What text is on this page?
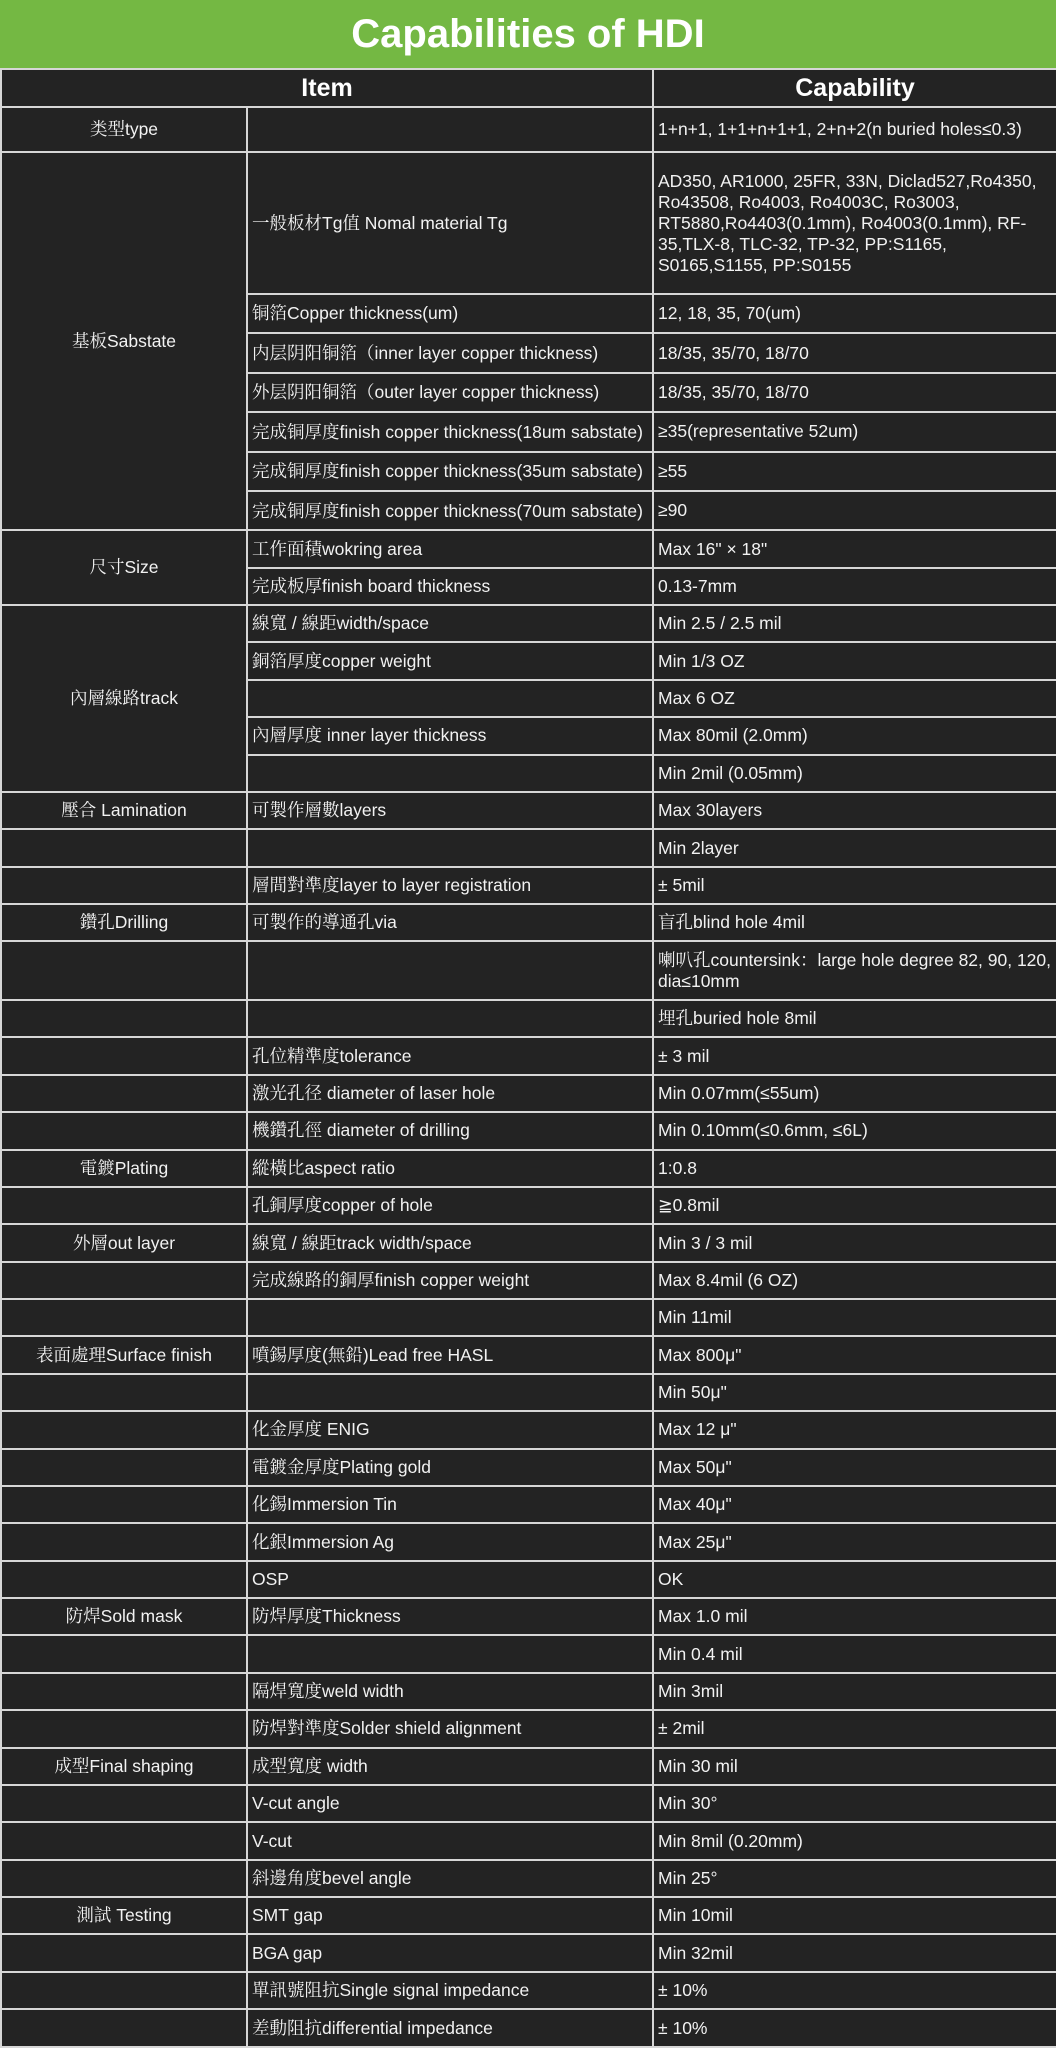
Capabilities of HDI
Item		Capability
类型type		1+n+1, 1+1+n+1+1, 2+n+2(n buried holes≤0.3)
基板Sabstate	一般板材Tg值 Nomal material Tg	AD350, AR1000, 25FR, 33N, Diclad527,Ro4350, Ro43508, Ro4003, Ro4003C, Ro3003, RT5880,Ro4403(0.1mm), Ro4003(0.1mm), RF-35,TLX-8, TLC-32, TP-32, PP:S1165, S0165,S1155, PP:S0155
	铜箔Copper thickness(um)	12, 18, 35, 70(um)
	内层阴阳铜箔（inner layer copper thickness)	18/35, 35/70, 18/70
	外层阴阳铜箔（outer layer copper thickness)	18/35, 35/70, 18/70
	完成铜厚度finish copper thickness(18um sabstate)	≥35(representative 52um)
	完成铜厚度finish copper thickness(35um sabstate)	≥55
	完成铜厚度finish copper thickness(70um sabstate)	≥90
尺寸Size	工作面積wokring area	Max 16" × 18"
	完成板厚finish board thickness	0.13-7mm
內層線路track	線寬 / 線距width/space	Min 2.5 / 2.5 mil
	銅箔厚度copper weight	Min 1/3 OZ
		Max 6 OZ
	內層厚度 inner layer thickness	Max 80mil (2.0mm)
		Min 2mil (0.05mm)
壓合 Lamination	可製作層數layers	Max 30layers
		Min 2layer
	層間對準度layer to layer registration	± 5mil
鑽孔Drilling	可製作的導通孔via	盲孔blind hole 4mil
		喇叭孔countersink：large hole degree 82, 90, 120, dia≤10mm
		埋孔buried hole 8mil
	孔位精準度tolerance	± 3 mil
	激光孔径 diameter of laser hole	Min 0.07mm(≤55um)
	機鑽孔徑 diameter of drilling	Min 0.10mm(≤0.6mm, ≤6L)
電鍍Plating	縱橫比aspect ratio	1:0.8
	孔銅厚度copper of hole	≧0.8mil
外層out layer	線寬 / 線距track width/space	Min 3 / 3 mil
	完成線路的銅厚finish copper weight	Max 8.4mil (6 OZ)
		Min 11mil
表面處理Surface finish	噴錫厚度(無鉛)Lead free HASL	Max 800μ"
		Min 50μ"
	化金厚度 ENIG	Max 12 μ"
	電鍍金厚度Plating gold	Max 50μ"
	化錫Immersion Tin	Max 40μ"
	化銀Immersion Ag	Max 25μ"
	OSP	OK
防焊Sold mask	防焊厚度Thickness	Max 1.0 mil
		Min 0.4 mil
	隔焊寬度weld width	Min 3mil
	防焊對準度Solder shield alignment	± 2mil
成型Final shaping	成型寬度 width	Min 30 mil
	V-cut angle	Min 30°
	V-cut	Min 8mil (0.20mm)
	斜邊角度bevel angle	Min 25°
測試 Testing	SMT gap	Min 10mil
	BGA gap	Min 32mil
	單訊號阻抗Single signal impedance	± 10%
	差動阻抗differential impedance	± 10%
